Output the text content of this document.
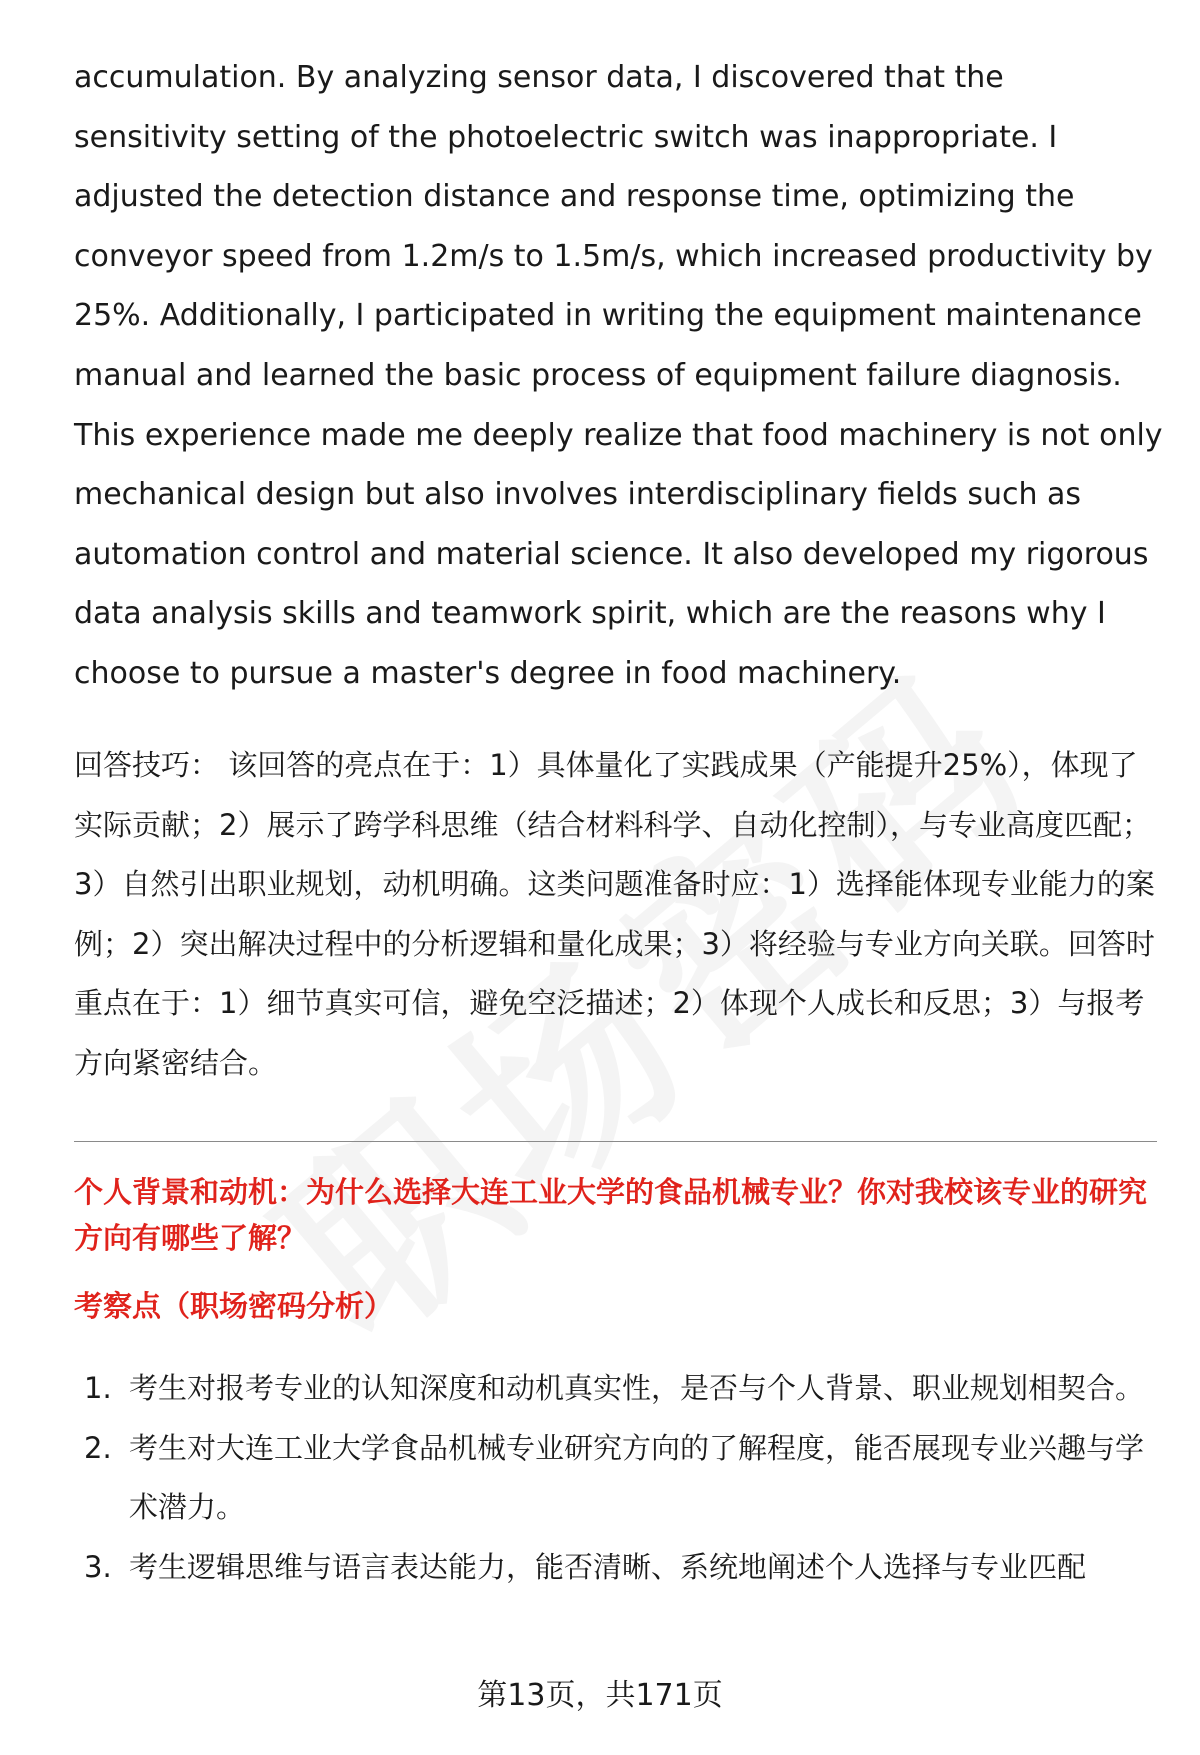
accumulation. By analyzing sensor data, I discovered that the sensitivity setting of the photoelectric switch was inappropriate. I adjusted the detection distance and response time, optimizing the conveyor speed from 1.2m/s to 1.5m/s, which increased productivity by 25%. Additionally, I participated in writing the equipment maintenance manual and learned the basic process of equipment failure diagnosis. This experience made me deeply realize that food machinery is not only mechanical design but also involves interdisciplinary fields such as automation control and material science. It also developed my rigorous data analysis skills and teamwork spirit, which are the reasons why I choose to pursue a master's degree in food machinery.

回答技巧： 该回答的亮点在于：1）具体量化了实践成果（产能提升25%），体现了实际贡献；2）展示了跨学科思维（结合材料科学、自动化控制），与专业高度匹配；3）自然引出职业规划，动机明确。这类问题准备时应：1）选择能体现专业能力的案例；2）突出解决过程中的分析逻辑和量化成果；3）将经验与专业方向关联。回答时重点在于：1）细节真实可信，避免空泛描述；2）体现个人成长和反思；3）与报考方向紧密结合。

个人背景和动机：为什么选择大连工业大学的食品机械专业？你对我校该专业的研究方向有哪些了解？

考察点（职场密码分析）

1. 考生对报考专业的认知深度和动机真实性，是否与个人背景、职业规划相契合。
2. 考生对大连工业大学食品机械专业研究方向的了解程度，能否展现专业兴趣与学术潜力。
3. 考生逻辑思维与语言表达能力，能否清晰、系统地阐述个人选择与专业匹配
第13页，共171页
